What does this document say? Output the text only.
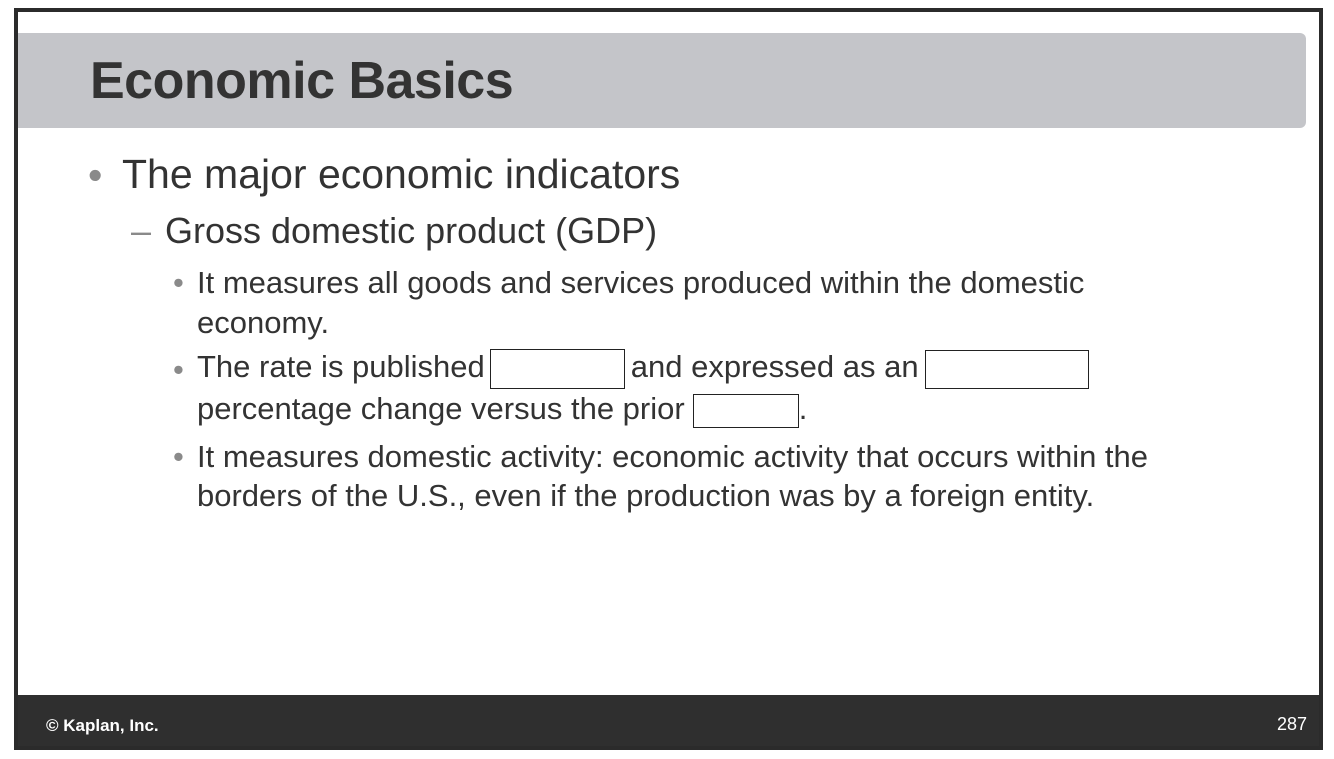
Economic Basics
• The major economic indicators
– Gross domestic product (GDP)
• It measures all goods and services produced within the domestic
economy.
• The rate is published	and expressed as an
percentage change versus the prior	.
• It measures domestic activity: economic activity that occurs within the
borders of the U.S., even if the production was by a foreign entity.
© Kaplan, Inc.	287
